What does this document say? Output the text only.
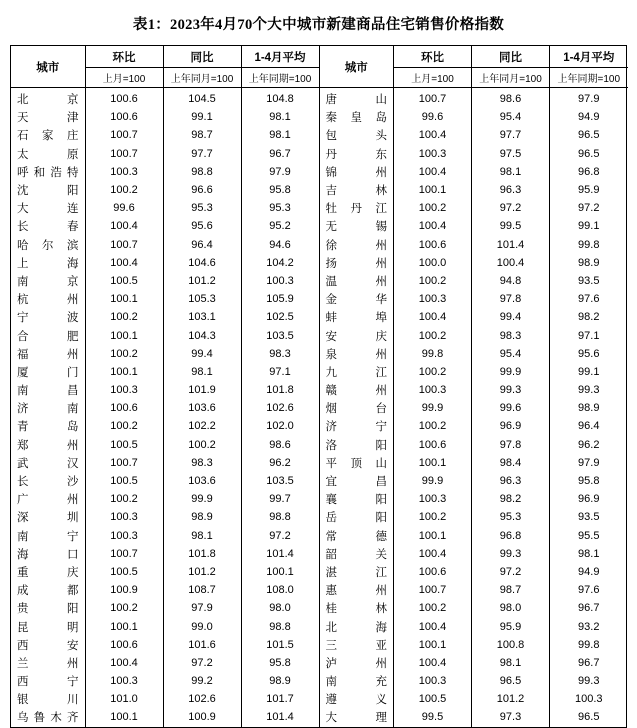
表1：2023年4月70个大中城市新建商品住宅销售价格指数
城市	环比	同比	1-4月平均
	上月=100	上年同月=100	上年同期=100
北　　京	100.6	104.5	104.8
天　　津	100.6	99.1	98.1
石 家 庄	100.7	98.7	98.1
太　　原	100.7	97.7	96.7
呼和浩特	100.3	98.8	97.9
沈　　阳	100.2	96.6	95.8
大　　连	99.6	95.3	95.3
长　　春	100.4	95.6	95.2
哈 尔 滨	100.7	96.4	94.6
上　　海	100.4	104.6	104.2
南　　京	100.5	101.2	100.3
杭　　州	100.1	105.3	105.9
宁　　波	100.2	103.1	102.5
合　　肥	100.1	104.3	103.5
福　　州	100.2	99.4	98.3
厦　　门	100.1	98.1	97.1
南　　昌	100.3	101.9	101.8
济　　南	100.6	103.6	102.6
青　　岛	100.2	102.2	102.0
郑　　州	100.5	100.2	98.6
武　　汉	100.7	98.3	96.2
长　　沙	100.5	103.6	103.5
广　　州	100.2	99.9	99.7
深　　圳	100.3	98.9	98.8
南　　宁	100.3	98.1	97.2
海　　口	100.7	101.8	101.4
重　　庆	100.5	101.2	100.1
成　　都	100.9	108.7	108.0
贵　　阳	100.2	97.9	98.0
昆　　明	100.1	99.0	98.8
西　　安	100.6	101.6	101.5
兰　　州	100.4	97.2	95.8
西　　宁	100.3	99.2	98.9
银　　川	101.0	102.6	101.7
乌鲁木齐	100.1	100.9	101.4
城市	环比	同比	1-4月平均
	上月=100	上年同月=100	上年同期=100
唐　　山	100.7	98.6	97.9
秦 皇 岛	99.6	95.4	94.9
包　　头	100.4	97.7	96.5
丹　　东	100.3	97.5	96.5
锦　　州	100.4	98.1	96.8
吉　　林	100.1	96.3	95.9
牡 丹 江	100.2	97.2	97.2
无　　锡	100.4	99.5	99.1
徐　　州	100.6	101.4	99.8
扬　　州	100.0	100.4	98.9
温　　州	100.2	94.8	93.5
金　　华	100.3	97.8	97.6
蚌　　埠	100.4	99.4	98.2
安　　庆	100.2	98.3	97.1
泉　　州	99.8	95.4	95.6
九　　江	100.2	99.9	99.1
赣　　州	100.3	99.3	99.3
烟　　台	99.9	99.6	98.9
济　　宁	100.2	96.9	96.4
洛　　阳	100.6	97.8	96.2
平 顶 山	100.1	98.4	97.9
宜　　昌	99.9	96.3	95.8
襄　　阳	100.3	98.2	96.9
岳　　阳	100.2	95.3	93.5
常　　德	100.1	96.8	95.5
韶　　关	100.4	99.3	98.1
湛　　江	100.6	97.2	94.9
惠　　州	100.7	98.7	97.6
桂　　林	100.2	98.0	96.7
北　　海	100.4	95.9	93.2
三　　亚	100.1	100.8	99.8
泸　　州	100.4	98.1	96.7
南 充	100.3	96.5	99.3
遵　　义	100.5	101.2	100.3
大　　理	99.5	97.3	96.5
